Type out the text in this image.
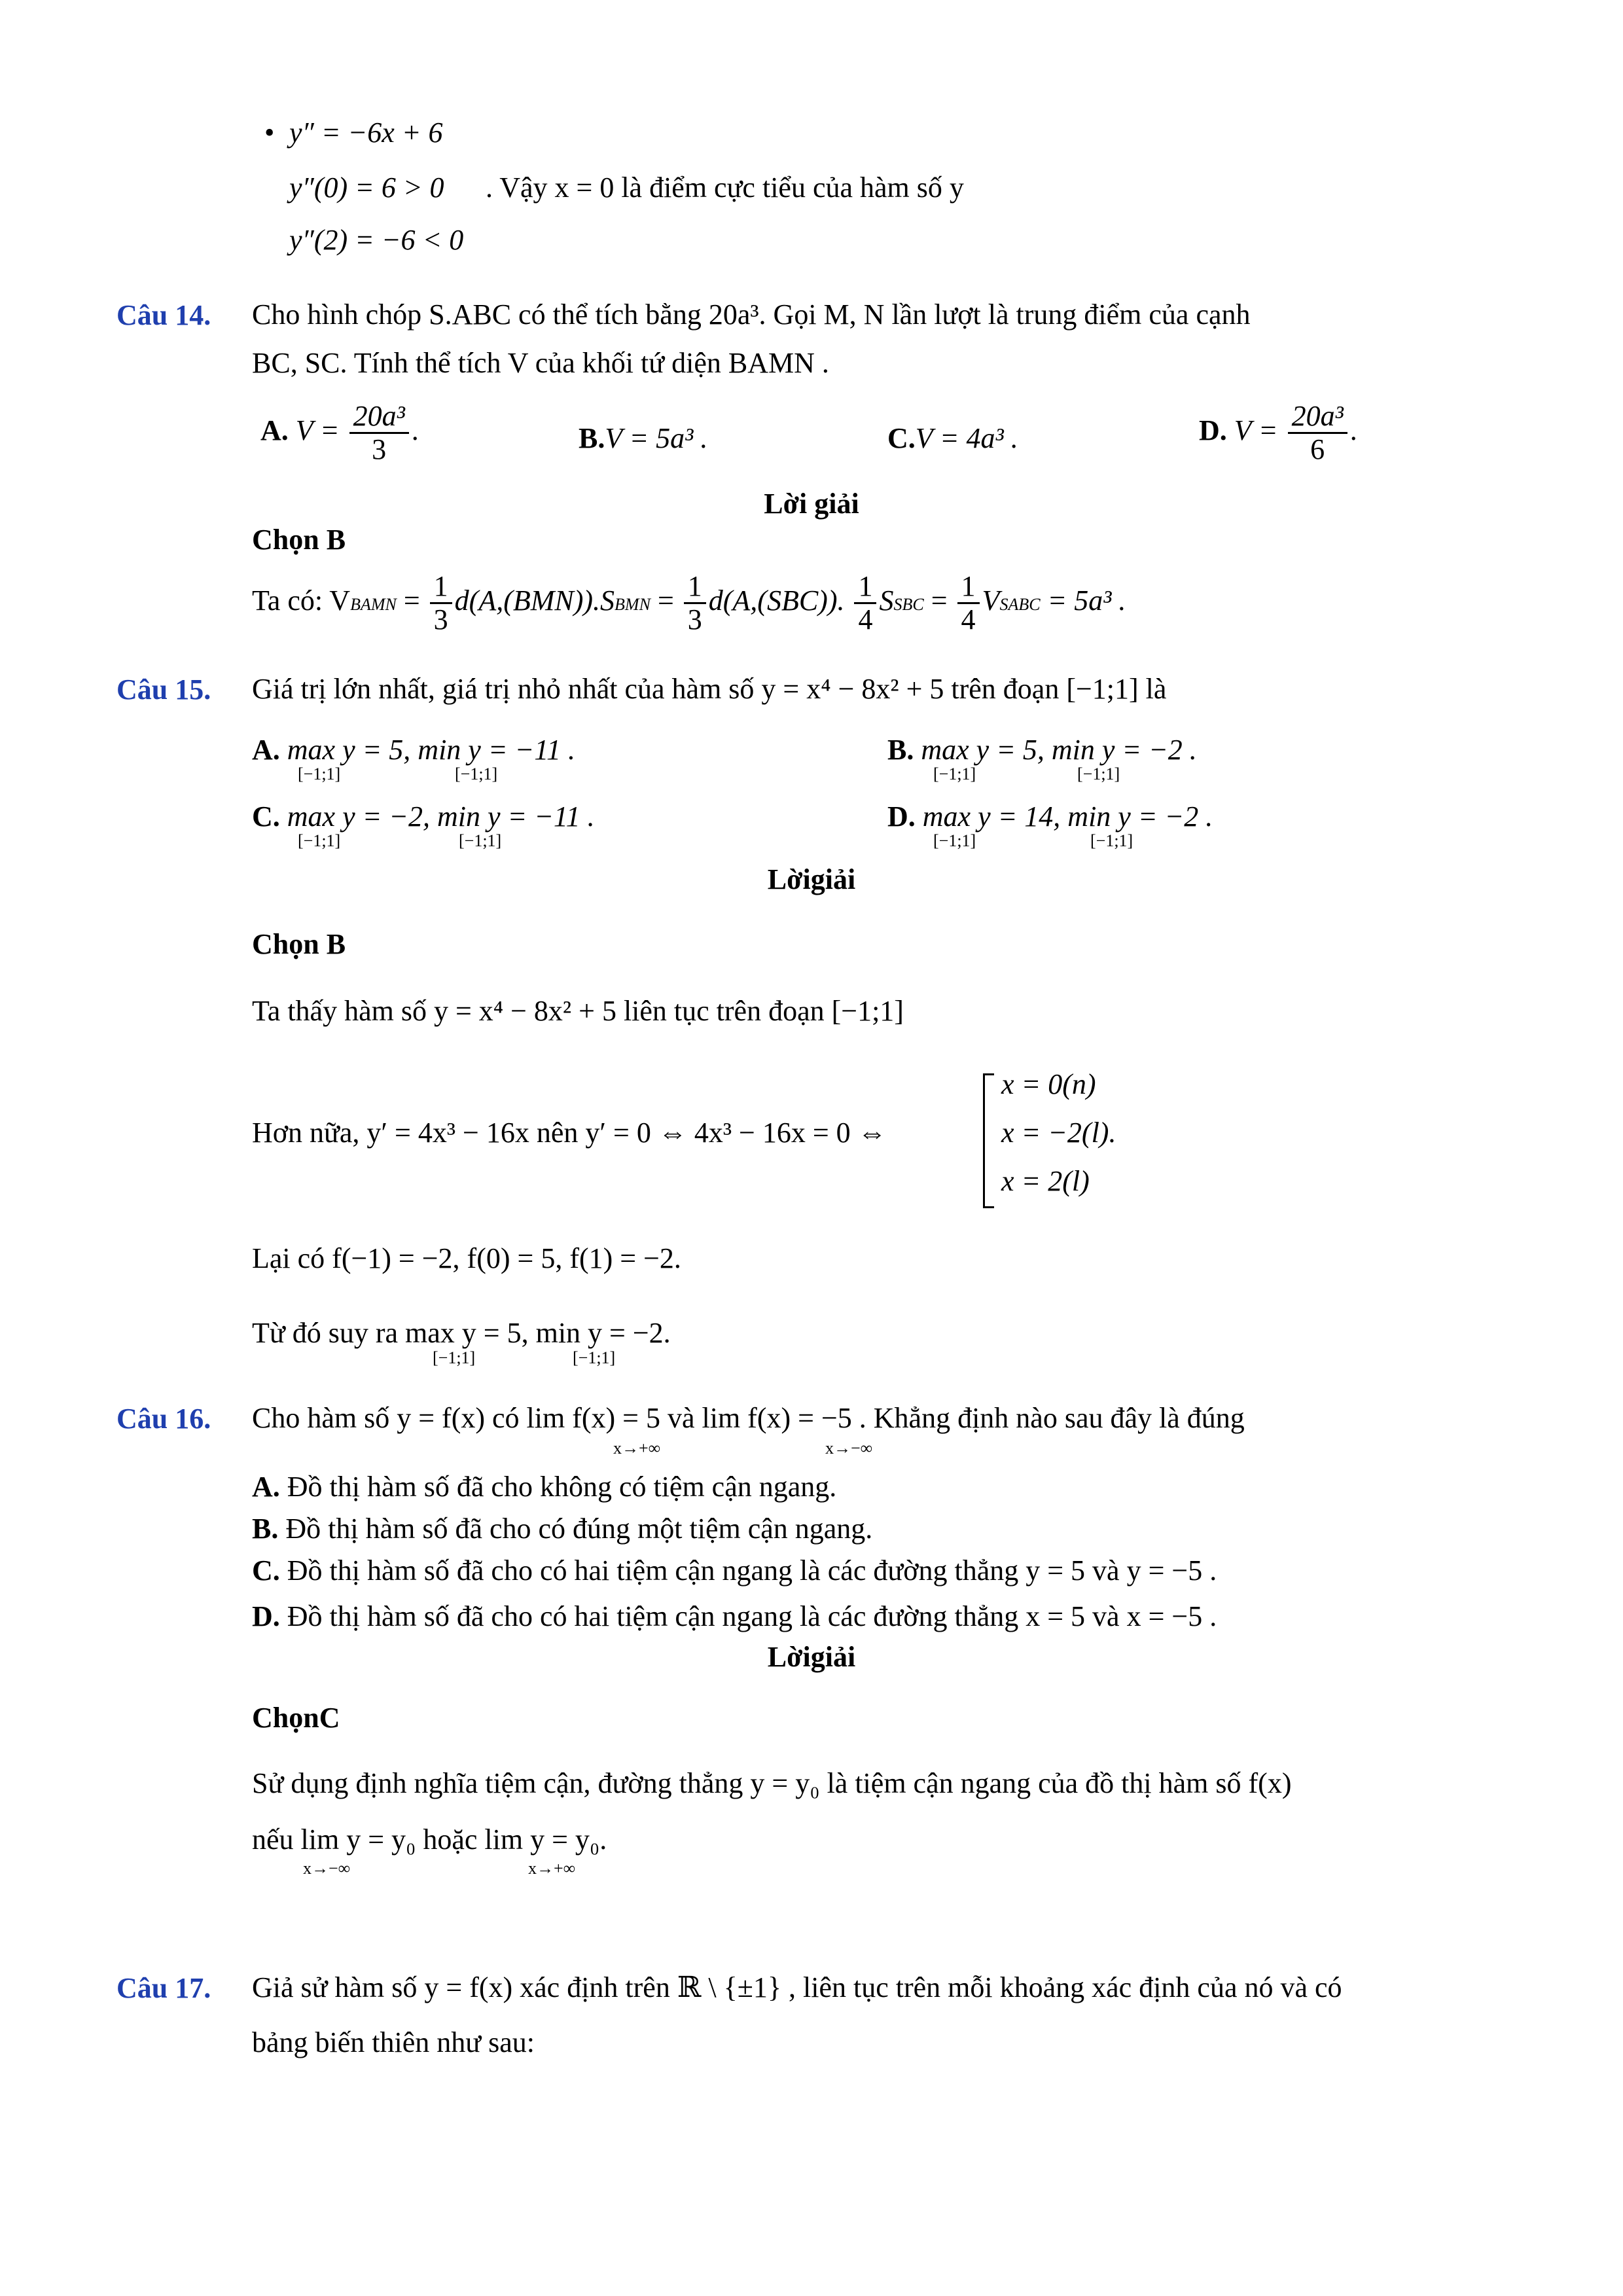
• y″ = −6x + 6
y″(0) = 6 > 0 . Vậy x = 0 là điểm cực tiểu của hàm số y
y″(2) = −6 < 0
Câu 14. Cho hình chóp S.ABC có thể tích bằng 20a³. Gọi M, N lần lượt là trung điểm của cạnh
BC, SC. Tính thể tích V của khối tứ diện BAMN .
A. $V = \frac{\text{20a³}}{3}$ .	B.V = 5a³ .	C.V = 4a³ .	D. $V = \frac{\text{20a³}}{6}$ .
Lời giải
Chọn B
Ta có: VBAMN = $\frac{1}{3}$ d(A,(BMN)).SBMN = $\frac{1}{3} d(A,(SBC))$. $\frac{1}{4}$ SSBC = $\frac{1}{4}$ VSABC = 5a³ .
Câu 15. Giá trị lớn nhất, giá trị nhỏ nhất của hàm số y = x⁴ − 8x² + 5 trên đoạn [−1;1] là
A. max y = 5, min y = −11 .
[−1;1]	[−1;1]
B. max y = 5, min y = −2 .
[−1;1]	[−1;1]
C. max y = −2, min y = −11 .
[−1;1]	[−1;1]
D. max y = 14, min y = −2 .
[−1;1]	[−1;1]
Lờigiải
Chọn B
Ta thấy hàm số y = x⁴ − 8x² + 5 liên tục trên đoạn [−1;1]
Hơn nữa, y′ = 4x³ − 16x nên y′ = 0 ⇔ 4x³ − 16x = 0 ⇔
x = 0(n)
x = −2(l).
x = 2(l)
Lại có f(−1) = −2, f(0) = 5, f(1) = −2.
Từ đó suy ra max y = 5, min y = −2.
[−1;1]	[−1;1]
Câu 16. Cho hàm số y = f(x) có lim f(x) = 5 và lim f(x) = −5 . Khẳng định nào sau đây là đúng
x→+∞	x→−∞
A. Đồ thị hàm số đã cho không có tiệm cận ngang.
B. Đồ thị hàm số đã cho có đúng một tiệm cận ngang.
C. Đồ thị hàm số đã cho có hai tiệm cận ngang là các đường thẳng y = 5 và y = −5 .
D. Đồ thị hàm số đã cho có hai tiệm cận ngang là các đường thẳng x = 5 và x = −5 .
Lờigiải
ChọnC
Sử dụng định nghĩa tiệm cận, đường thẳng y = y₀ là tiệm cận ngang của đồ thị hàm số f(x)
nếu lim y = y₀ hoặc lim y = y₀.
x→−∞	x→+∞
Câu 17. Giả sử hàm số y = f(x) xác định trên ℝ \ {±1} , liên tục trên mỗi khoảng xác định của nó và có
bảng biến thiên như sau:
